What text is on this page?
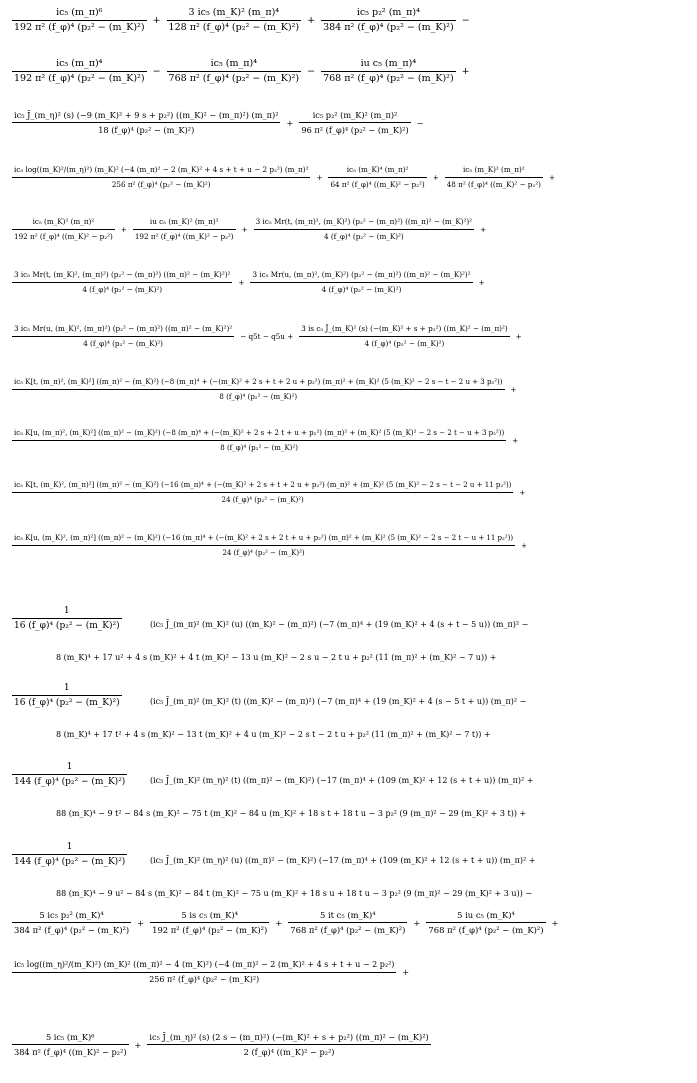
$\frac{\text{ic₅ (m\_π)⁶}}{\text{192 π² (f\_φ)⁴ (p₂² − (m\_K)²)}} + \frac{\text{3 ic₅ (m\_K)² (m\_π)⁴}}{\text{128 π² (f\_φ)⁴ (p₂² − (m\_K)²)}} + \frac{\text{ic₅ p₂² (m\_π)⁴}}{\text{384 π² (f\_φ)⁴ (p₂² − (m\_K)²)}}$ −
$\frac{\text{ic₅ (m\_π)⁴}}{\text{192 π² (f\_φ)⁴ (p₂² − (m\_K)²)}} - \frac{\text{ic₅ (m\_π)⁴}}{\text{768 π² (f\_φ)⁴ (p₂² − (m\_K)²)}} - \frac{\text{iu c₅ (m\_π)⁴}}{\text{768 π² (f\_φ)⁴ (p₂² − (m\_K)²)}}$ +
ic₅ J̄_(m_η)² (s) (−9 (m_K)² + 9 s + p₂²) ((m_K)² − (m_π)²) (m_π)²
18 (f_φ)⁴ (p₂² − (m_K)²)
+ $\frac{\text{ic₅ p₂² (m\_K)² (m\_π)²}}{\text{96 π² (f\_φ)⁴ (p₂² − (m\_K)²)}}$ −
ic₅ log((m_K)²/(m_η)²) (m_K)² (−4 (m_π)² − 2 (m_K)² + 4 s + t + u − 2 p₂²) (m_π)²
256 π² (f_φ)⁴ (p₂² − (m_K)²)
+ $\frac{\text{ic₅ (m\_K)⁴ (m\_π)²}}{\text{64 π² (f\_φ)⁴ ((m\_K)² − p₂²)}} + \frac{\text{ic₅ (m\_K)² (m\_π)²}}{\text{48 π² (f\_φ)⁴ ((m\_K)² − p₂²)}}$ +
$\frac{\text{ic₅ (m\_K)² (m\_π)²}}{\text{192 π² (f\_φ)⁴ ((m\_K)² − p₂²)}} + \frac{\text{iu c₅ (m\_K)² (m\_π)²}}{\text{192 π² (f\_φ)⁴ ((m\_K)² − p₂²)}}$ +
3 ic₅ Mr(t, (m_π)², (m_K)²) (p₂² − (m_π)²) ((m_π)² − (m_K)²)²
4 (f_φ)⁴ (p₂² − (m_K)²)
+
3 ic₅ Mr(t, (m_K)², (m_π)²) (p₂² − (m_π)²) ((m_π)² − (m_K)²)²
4 (f_φ)⁴ (p₂² − (m_K)²)
+
3 ic₅ Mr(u, (m_π)², (m_K)²) (p₂² − (m_π)²) ((m_π)² − (m_K)²)²
4 (f_φ)⁴ (p₂² − (m_K)²)
+
3 ic₅ Mr(u, (m_K)², (m_π)²) (p₂² − (m_π)²) ((m_π)² − (m_K)²)²
4 (f_φ)⁴ (p₂² − (m_K)²)
− $q5t - q5u + \frac{\text{3 is c₅ J̄\_(m\_K)² (s) (−(m\_K)² + s + p₂²) ((m\_K)² − (m\_π)²)}}{\text{4 (f\_φ)⁴ (p₂² − (m\_K)²)}}$ +
ic₅ K[t, (m_π)², (m_K)²] ((m_π)² − (m_K)²) (−8 (m_π)⁴ + (−(m_K)² + 2 s + t + 2 u + p₂²) (m_π)² + (m_K)² (5 (m_K)² − 2 s − t − 2 u + 3 p₂²))
8 (f_φ)⁴ (p₂² − (m_K)²)
+
ic₅ K[u, (m_π)², (m_K)²] ((m_π)² − (m_K)²) (−8 (m_π)⁴ + (−(m_K)² + 2 s + 2 t + u + p₂²) (m_π)² + (m_K)² (5 (m_K)² − 2 s − 2 t − u + 3 p₂²))
8 (f_φ)⁴ (p₂² − (m_K)²)
+
ic₅ K[t, (m_K)², (m_π)²] ((m_π)² − (m_K)²) (−16 (m_π)⁴ + (−(m_K)² + 2 s + t + 2 u + p₂²) (m_π)² + (m_K)² (5 (m_K)² − 2 s − t − 2 u + 11 p₂²))
24 (f_φ)⁴ (p₂² − (m_K)²)
+
ic₅ K[u, (m_K)², (m_π)²] ((m_π)² − (m_K)²) (−16 (m_π)⁴ + (−(m_K)² + 2 s + 2 t + u + p₂²) (m_π)² + (m_K)² (5 (m_K)² − 2 s − 2 t − u + 11 p₂²))
24 (f_φ)⁴ (p₂² − (m_K)²)
+
$\frac{1}{\text{16 (f\_φ)⁴ (p₂² − (m\_K)²)}}$	(ic₅ J̄_(m_π)² (m_K)² (u) ((m_K)² − (m_π)²) (−7 (m_π)⁴ + (19 (m_K)² + 4 (s + t − 5 u)) (m_π)² −
8 (m_K)⁴ + 17 u² + 4 s (m_K)² + 4 t (m_K)² − 13 u (m_K)² − 2 s u − 2 t u + p₂² (11 (m_π)² + (m_K)² − 7 u)) +
$\frac{1}{\text{16 (f\_φ)⁴ (p₂² − (m\_K)²)}}$	(ic₅ J̄_(m_π)² (m_K)² (t) ((m_K)² − (m_π)²) (−7 (m_π)⁴ + (19 (m_K)² + 4 (s − 5 t + u)) (m_π)² −
8 (m_K)⁴ + 17 t² + 4 s (m_K)² − 13 t (m_K)² + 4 u (m_K)² − 2 s t − 2 t u + p₂² (11 (m_π)² + (m_K)² − 7 t)) +
$\frac{1}{\text{144 (f\_φ)⁴ (p₂² − (m\_K)²)}}$	(ic₅ J̄_(m_K)² (m_η)² (t) ((m_π)² − (m_K)²) (−17 (m_π)⁴ + (109 (m_K)² + 12 (s + t + u)) (m_π)² +
88 (m_K)⁴ − 9 t² − 84 s (m_K)² − 75 t (m_K)² − 84 u (m_K)² + 18 s t + 18 t u − 3 p₂² (9 (m_π)² − 29 (m_K)² + 3 t)) +
$\frac{1}{\text{144 (f\_φ)⁴ (p₂² − (m\_K)²)}}$	(ic₅ J̄_(m_K)² (m_η)² (u) ((m_π)² − (m_K)²) (−17 (m_π)⁴ + (109 (m_K)² + 12 (s + t + u)) (m_π)² +
88 (m_K)⁴ − 9 u² − 84 s (m_K)² − 84 t (m_K)² − 75 u (m_K)² + 18 s u + 18 t u − 3 p₂² (9 (m_π)² − 29 (m_K)² + 3 u)) −
$\frac{\text{5 ic₅ p₂² (m\_K)⁴}}{\text{384 π² (f\_φ)⁴ (p₂² − (m\_K)²)}} + \frac{\text{5 is c₅ (m\_K)⁴}}{\text{192 π² (f\_φ)⁴ (p₂² − (m\_K)²)}} + \frac{\text{5 it c₅ (m\_K)⁴}}{\text{768 π² (f\_φ)⁴ (p₂² − (m\_K)²)}} + \frac{\text{5 iu c₅ (m\_K)⁴}}{\text{768 π² (f\_φ)⁴ (p₂² − (m\_K)²)}}$ +
ic₅ log((m_η)²/(m_K)²) (m_K)² ((m_π)² − 4 (m_K)²) (−4 (m_π)² − 2 (m_K)² + 4 s + t + u − 2 p₂²)
256 π² (f_φ)⁴ (p₂² − (m_K)²)
+
$\frac{\text{5 ic₅ (m\_K)⁶}}{\text{384 π² (f\_φ)⁴ ((m\_K)² − p₂²)}}$ +
ic₅ J̄_(m_η)² (s) (2 s − (m_π)²) (−(m_K)² + s + p₂²) ((m_π)² − (m_K)²)
2 (f_φ)⁴ ((m_K)² − p₂²)
